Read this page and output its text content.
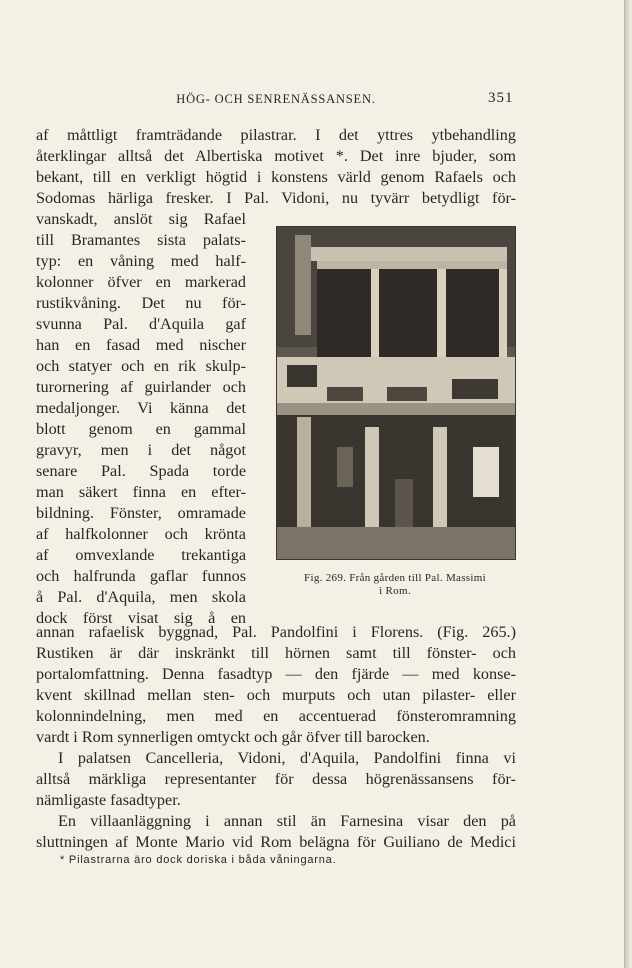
HÖG- OCH SENRENÄSSANSEN.	351
af måttligt framträdande pilastrar. I det yttres ytbehandling
återklingar alltså det Albertiska motivet *. Det inre bjuder, som
bekant, till en verkligt högtid i konstens värld genom Rafaels och
Sodomas härliga fresker. I Pal. Vidoni, nu tyvärr betydligt för-
vanskadt, anslöt sig Rafael
till Bramantes sista palats-
typ: en våning med half-
kolonner öfver en markerad
rustikvåning. Det nu för-
svunna Pal. d'Aquila gaf
han en fasad med nischer
och statyer och en rik skulp-
turornering af guirlander och
medaljonger. Vi känna det
blott genom en gammal
gravyr, men i det något
senare Pal. Spada torde
man säkert finna en efter-
bildning. Fönster, omramade
af halfkolonner och krönta
af omvexlande trekantiga
och halfrunda gaflar funnos
å Pal. d'Aquila, men skola
dock först visat sig å en
Fig. 269. Från gården till Pal. Massimi
i Rom.
annan rafaelisk byggnad, Pal. Pandolfini i Florens. (Fig. 265.)
Rustiken är där inskränkt till hörnen samt till fönster- och
portalomfattning. Denna fasadtyp — den fjärde — med konse-
kvent skillnad mellan sten- och murputs och utan pilaster- eller
kolonnindelning, men med en accentuerad fönsteromramning
vardt i Rom synnerligen omtyckt och går öfver till barocken.
I palatsen Cancelleria, Vidoni, d'Aquila, Pandolfini finna vi
alltså märkliga representanter för dessa högrenässansens för-
nämligaste fasadtyper.
En villaanläggning i annan stil än Farnesina visar den på
sluttningen af Monte Mario vid Rom belägna för Guiliano de Medici
* Pilastrarna äro dock doriska i båda våningarna.
